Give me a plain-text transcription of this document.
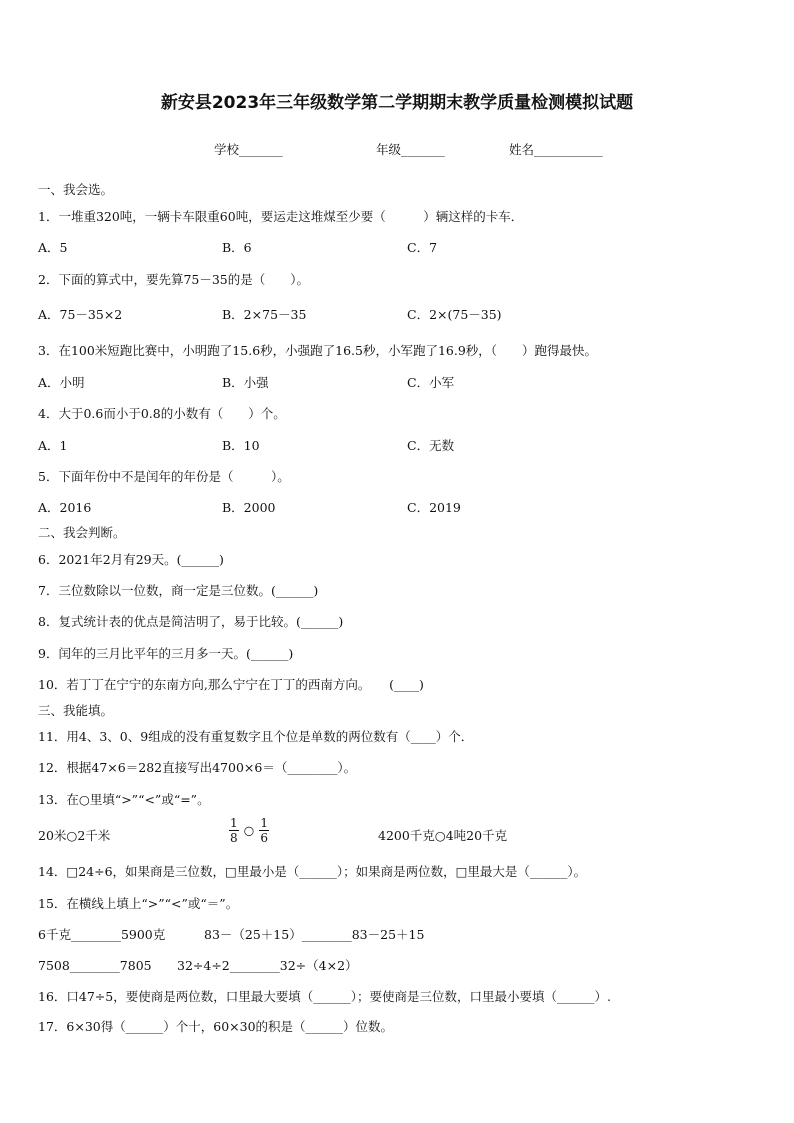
新安县2023年三年级数学第二学期期末教学质量检测模拟试题
学校_______	年级_______	姓名___________
一、我会选。
1．一堆重320吨，一辆卡车限重60吨，要运走这堆煤至少要（　　　）辆这样的卡车．
A．5	B．6	C．7
2．下面的算式中，要先算75－35的是（　　）。
A．75－35×2	B．2×75－35	C．2×(75－35)
3．在100米短跑比赛中，小明跑了15.6秒，小强跑了16.5秒，小军跑了16.9秒，（　　）跑得最快。
A．小明	B．小强	C．小军
4．大于0.6而小于0.8的小数有（　　）个。
A．1	B．10	C．无数
5．下面年份中不是闰年的年份是（　　　）。
A．2016	B．2000	C．2019
二、我会判断。
6．2021年2月有29天。(______)
7．三位数除以一位数，商一定是三位数。(______)
8．复式统计表的优点是简洁明了，易于比较。(______)
9．闰年的三月比平年的三月多一天。(______)
10．若丁丁在宁宁的东南方向,那么宁宁在丁丁的西南方向。　　(____)
三、我能填。
11．用4、3、0、9组成的没有重复数字且个位是单数的两位数有（____）个．
12．根据47×6＝282直接写出4700×6＝（________）。
13．在○里填“>”“<”或“=”。
20米○2千米	$\frac{1}{8}$ ○ $\frac{1}{6}$	4200千克○4吨20千克
14．□24÷6，如果商是三位数，□里最小是（______）；如果商是两位数，□里最大是（______）。
15．在横线上填上“>”“<”或“＝”。
6千克________5900克	83－（25＋15）________83－25＋15
7508________7805 32÷4÷2________32÷（4×2）
16．口47÷5，要使商是两位数，口里最大要填（______）；要使商是三位数，口里最小要填（______）.
17．6×30得（______）个十，60×30的积是（______）位数。
